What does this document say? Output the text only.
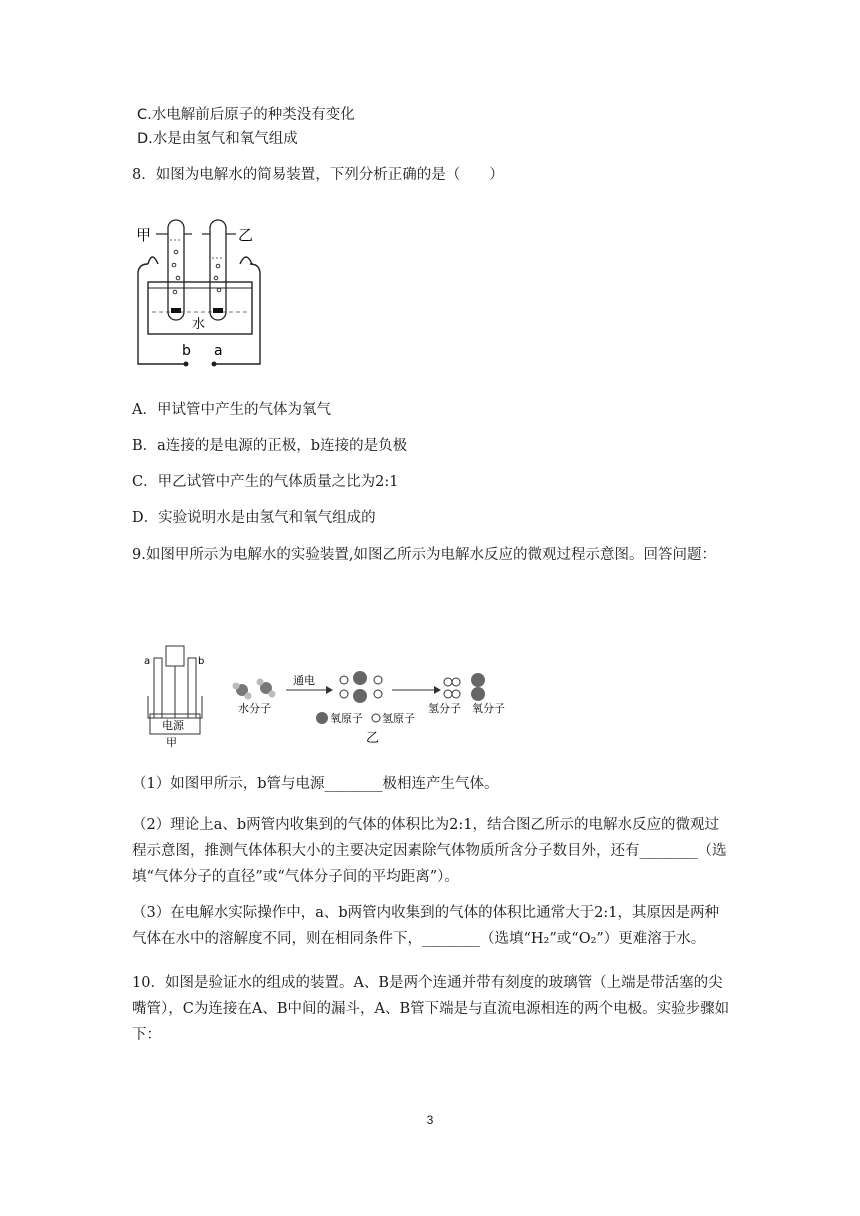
C.水电解前后原子的种类没有变化
D.水是由氢气和氧气组成
8．如图为电解水的简易装置，下列分析正确的是（　　）
甲	乙
水
b a
A．甲试管中产生的气体为氧气
B．a连接的是电源的正极，b连接的是负极
C．甲乙试管中产生的气体质量之比为2:1
D．实验说明水是由氢气和氧气组成的
9.如图甲所示为电解水的实验装置,如图乙所示为电解水反应的微观过程示意图。回答问题：
电源
甲
a	b
水分子
通电
氢分子 氧分子
氧原子 氢原子
乙
（1）如图甲所示，b管与电源________极相连产生气体。
（2）理论上a、b两管内收集到的气体的体积比为2:1，结合图乙所示的电解水反应的微观过程示意图，推测气体体积大小的主要决定因素除气体物质所含分子数目外，还有________（选填“气体分子的直径”或“气体分子间的平均距离”）。
（3）在电解水实际操作中，a、b两管内收集到的气体的体积比通常大于2:1，其原因是两种气体在水中的溶解度不同，则在相同条件下，________（选填“H₂”或“O₂”）更难溶于水。
10．如图是验证水的组成的装置。A、B是两个连通并带有刻度的玻璃管（上端是带活塞的尖嘴管），C为连接在A、B中间的漏斗，A、B管下端是与直流电源相连的两个电极。实验步骤如下：
3
